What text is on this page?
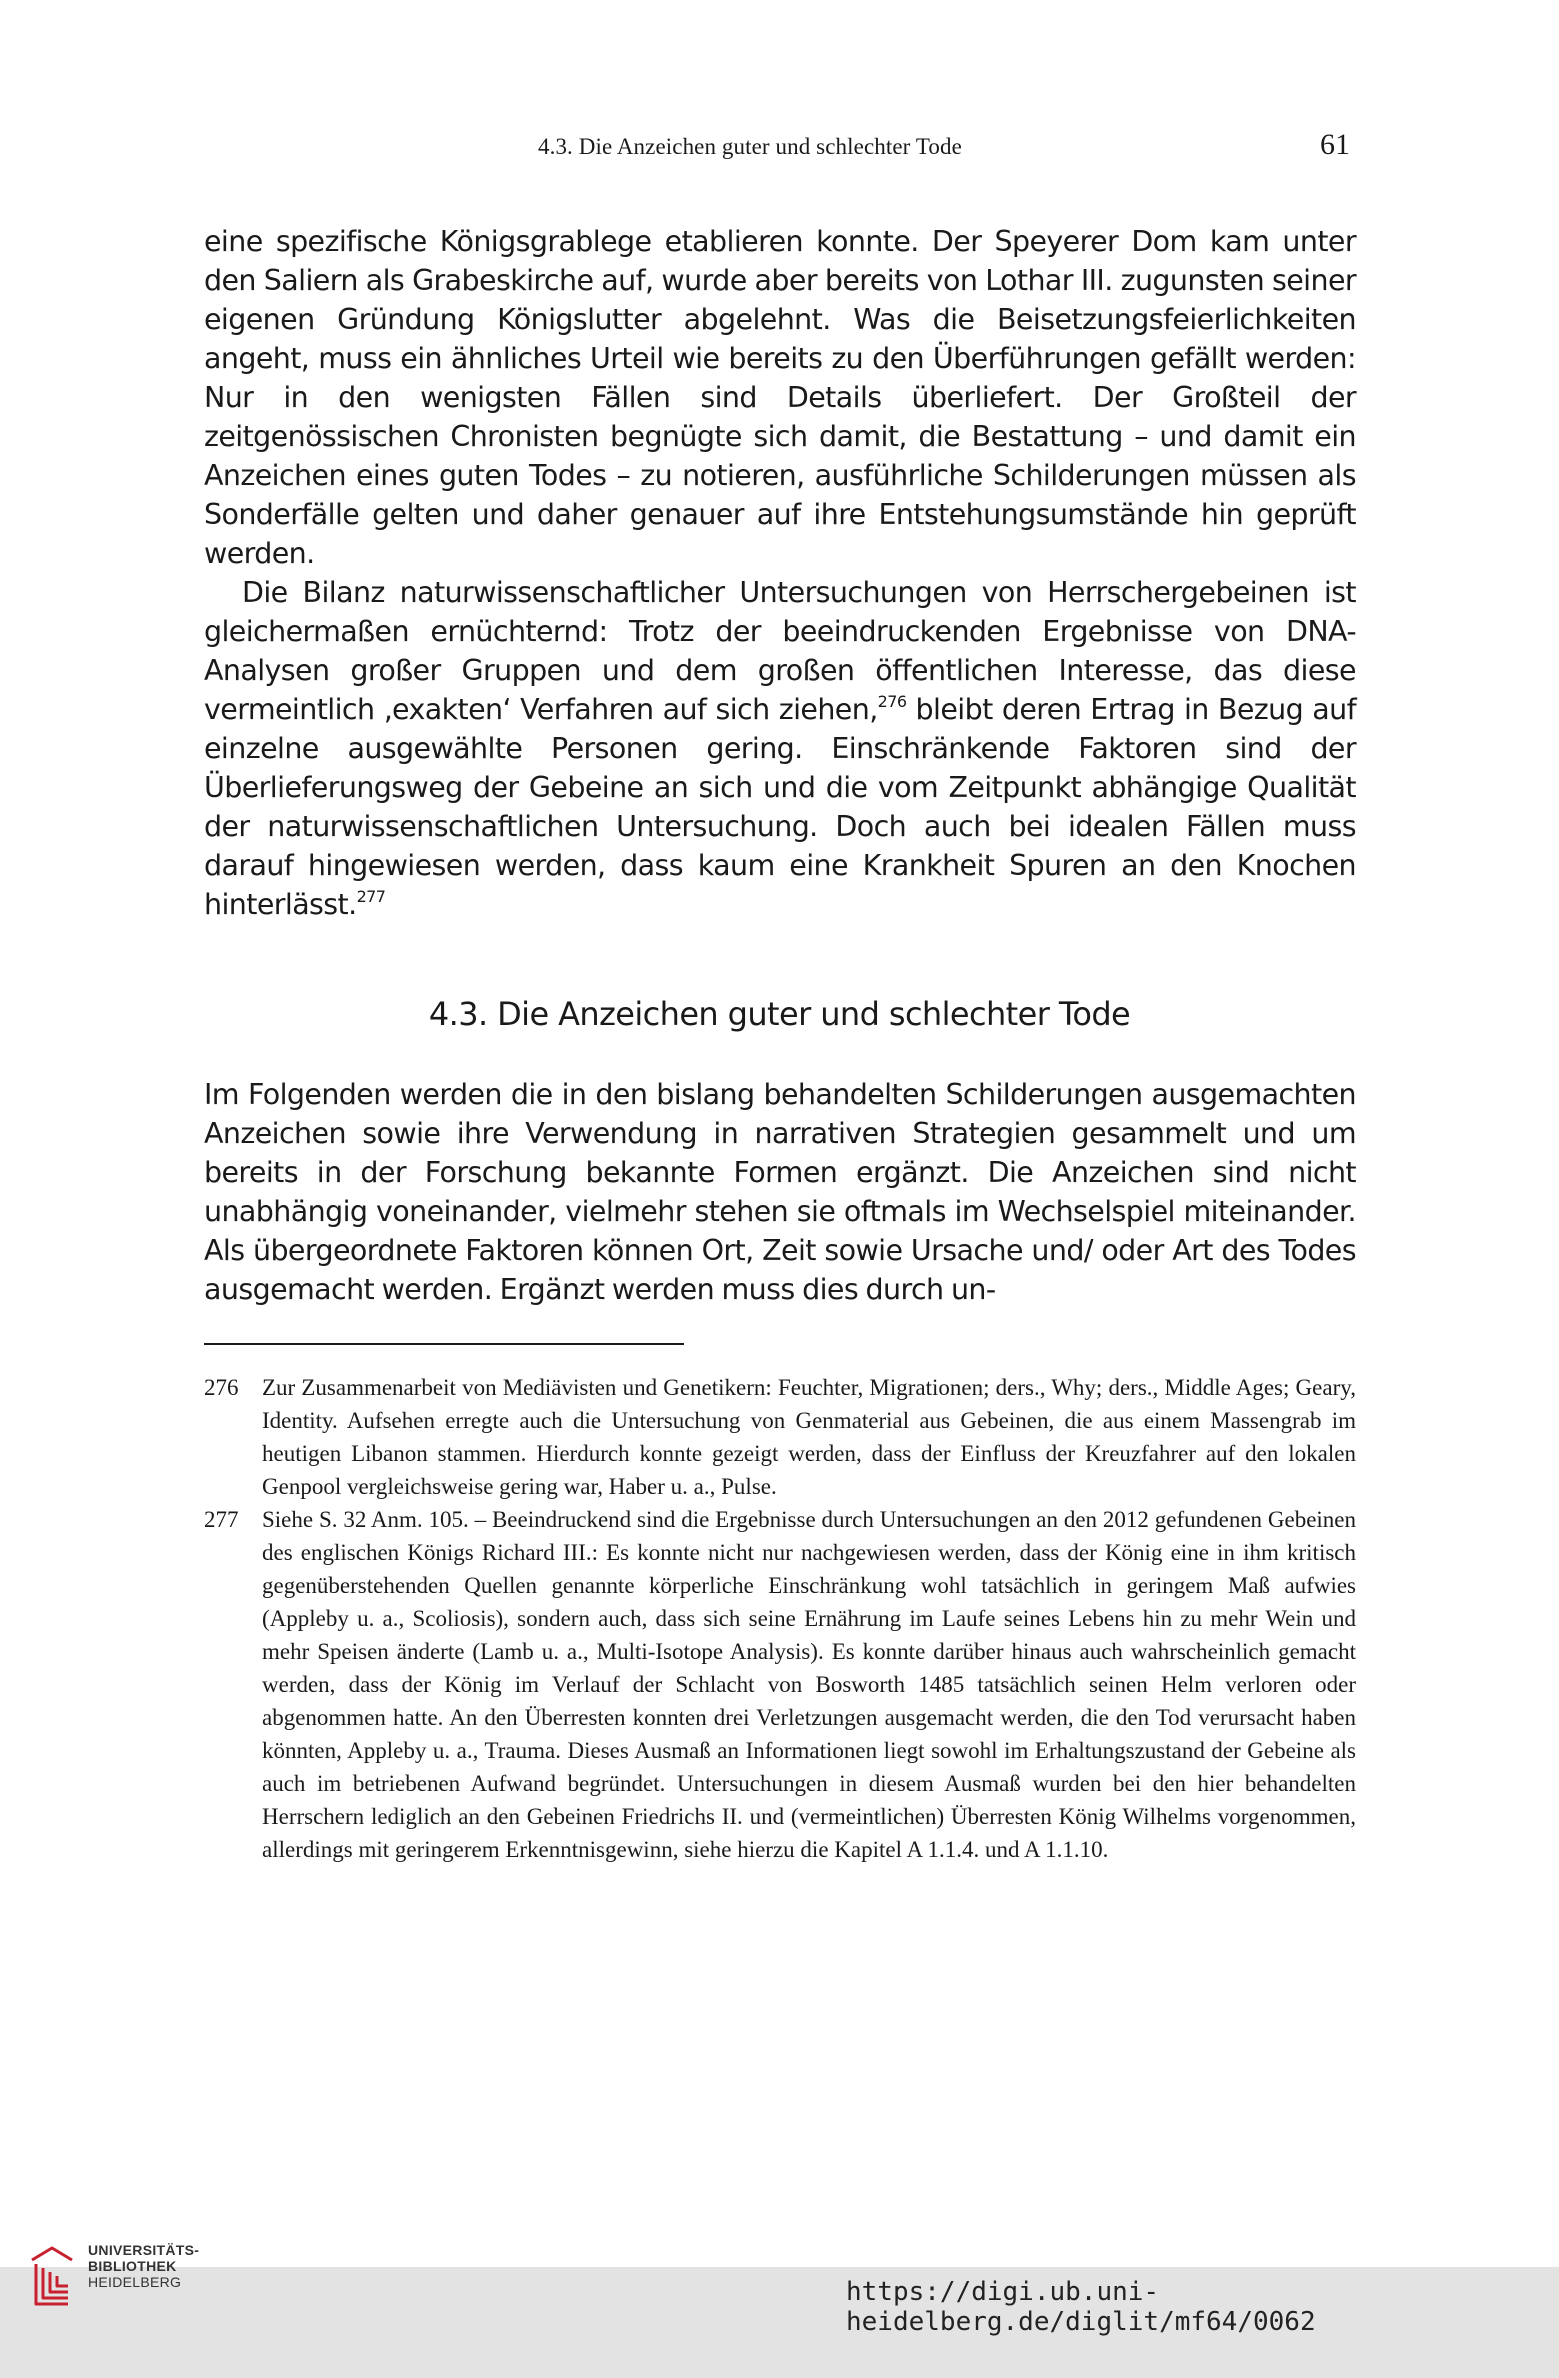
4.3. Die Anzeichen guter und schlechter Tode	61

eine spezifische Königsgrablege etablieren konnte. Der Speyerer Dom kam unter den Saliern als Grabeskirche auf, wurde aber bereits von Lothar III. zugunsten seiner eigenen Gründung Königslutter abgelehnt. Was die Beisetzungsfeierlichkeiten angeht, muss ein ähnliches Urteil wie bereits zu den Überführungen gefällt werden: Nur in den wenigsten Fällen sind Details überliefert. Der Großteil der zeitgenössischen Chronisten begnügte sich damit, die Bestattung – und damit ein Anzeichen eines guten Todes – zu notieren, ausführliche Schilderungen müssen als Sonderfälle gelten und daher genauer auf ihre Entstehungsumstände hin geprüft werden.

Die Bilanz naturwissenschaftlicher Untersuchungen von Herrschergebeinen ist gleichermaßen ernüchternd: Trotz der beeindruckenden Ergebnisse von DNA-Analysen großer Gruppen und dem großen öffentlichen Interesse, das diese vermeintlich ‚exakten‘ Verfahren auf sich ziehen,$^{276}$ bleibt deren Ertrag in Bezug auf einzelne ausgewählte Personen gering. Einschränkende Faktoren sind der Überlieferungsweg der Gebeine an sich und die vom Zeitpunkt abhängige Qualität der naturwissenschaftlichen Untersuchung. Doch auch bei idealen Fällen muss darauf hingewiesen werden, dass kaum eine Krankheit Spuren an den Knochen hinterlässt.$^{277}$

4.3. Die Anzeichen guter und schlechter Tode

Im Folgenden werden die in den bislang behandelten Schilderungen ausgemachten Anzeichen sowie ihre Verwendung in narrativen Strategien gesammelt und um bereits in der Forschung bekannte Formen ergänzt. Die Anzeichen sind nicht unabhängig voneinander, vielmehr stehen sie oftmals im Wechselspiel miteinander. Als übergeordnete Faktoren können Ort, Zeit sowie Ursache und/ oder Art des Todes ausgemacht werden. Ergänzt werden muss dies durch un-

276	Zur Zusammenarbeit von Mediävisten und Genetikern: Feuchter, Migrationen; ders., Why; ders., Middle Ages; Geary, Identity. Aufsehen erregte auch die Untersuchung von Genmaterial aus Gebeinen, die aus einem Massengrab im heutigen Libanon stammen. Hierdurch konnte gezeigt werden, dass der Einfluss der Kreuzfahrer auf den lokalen Genpool vergleichsweise gering war, Haber u. a., Pulse.
277	Siehe S. 32 Anm. 105. – Beeindruckend sind die Ergebnisse durch Untersuchungen an den 2012 gefundenen Gebeinen des englischen Königs Richard III.: Es konnte nicht nur nachgewiesen werden, dass der König eine in ihm kritisch gegenüberstehenden Quellen genannte körperliche Einschränkung wohl tatsächlich in geringem Maß aufwies (Appleby u. a., Scoliosis), sondern auch, dass sich seine Ernährung im Laufe seines Lebens hin zu mehr Wein und mehr Speisen änderte (Lamb u. a., Multi-Isotope Analysis). Es konnte darüber hinaus auch wahrscheinlich gemacht werden, dass der König im Verlauf der Schlacht von Bosworth 1485 tatsächlich seinen Helm verloren oder abgenommen hatte. An den Überresten konnten drei Verletzungen ausgemacht werden, die den Tod verursacht haben könnten, Appleby u. a., Trauma. Dieses Ausmaß an Informationen liegt sowohl im Erhaltungszustand der Gebeine als auch im betriebenen Aufwand begründet. Untersuchungen in diesem Ausmaß wurden bei den hier behandelten Herrschern lediglich an den Gebeinen Friedrichs II. und (vermeintlichen) Überresten König Wilhelms vorgenommen, allerdings mit geringerem Erkenntnisgewinn, siehe hierzu die Kapitel A 1.1.4. und A 1.1.10.
UNIVERSITÄTS-
BIBLIOTHEK
HEIDELBERG	https://digi.ub.uni-heidelberg.de/diglit/mf64/0062
